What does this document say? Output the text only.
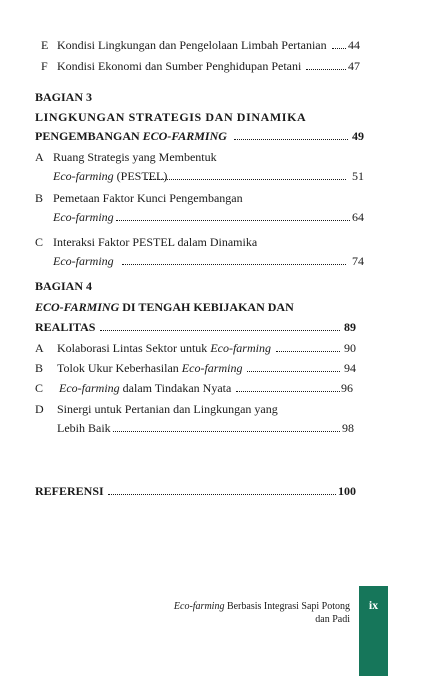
E Kondisi Lingkungan dan Pengelolaan Limbah Pertanian 44
F Kondisi Ekonomi dan Sumber Penghidupan Petani	47
BAGIAN 3
LINGKUNGAN STRATEGIS DAN DINAMIKA
PENGEMBANGAN ECO-FARMING	49
A Ruang Strategis yang Membentuk
Eco-farming (PESTEL)	51
B Pemetaan Faktor Kunci Pengembangan
Eco-farming	64
C Interaksi Faktor PESTEL dalam Dinamika
Eco-farming	74
BAGIAN 4
ECO-FARMING DI TENGAH KEBIJAKAN DAN
REALITAS	89
A Kolaborasi Lintas Sektor untuk Eco-farming	90
B Tolok Ukur Keberhasilan Eco-farming	94
C Eco-farming dalam Tindakan Nyata	96
D Sinergi untuk Pertanian dan Lingkungan yang
Lebih Baik	98
REFERENSI	100
Eco-farming Berbasis Integrasi Sapi Potong
dan Padi
ix
